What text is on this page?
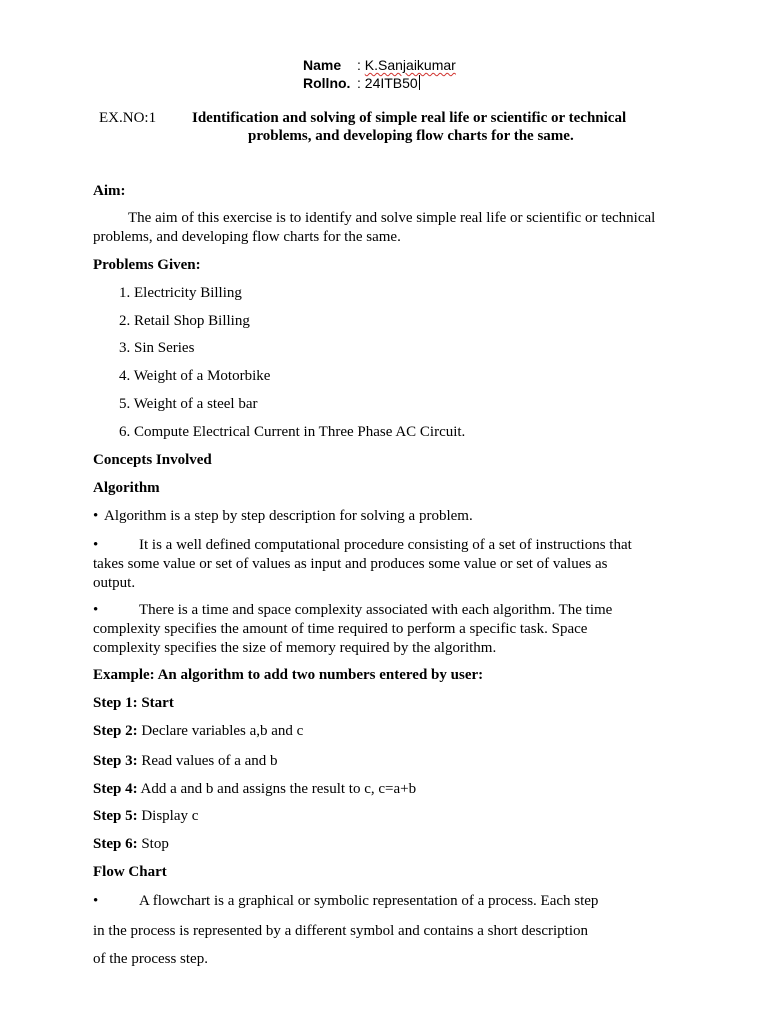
Name : K.Sanjaikumar
Rollno. : 24ITB50
EX.NO:1 Identification and solving of simple real life or scientific or technical
problems, and developing flow charts for the same.
Aim:
The aim of this exercise is to identify and solve simple real life or scientific or technical
problems, and developing flow charts for the same.
Problems Given:
1. Electricity Billing
2. Retail Shop Billing
3. Sin Series
4. Weight of a Motorbike
5. Weight of a steel bar
6. Compute Electrical Current in Three Phase AC Circuit.
Concepts Involved
Algorithm
• Algorithm is a step by step description for solving a problem.
•	It is a well defined computational procedure consisting of a set of instructions that
takes some value or set of values as input and produces some value or set of values as
output.
•	There is a time and space complexity associated with each algorithm. The time
complexity specifies the amount of time required to perform a specific task. Space
complexity specifies the size of memory required by the algorithm.
Example: An algorithm to add two numbers entered by user:
Step 1: Start
Step 2: Declare variables a,b and c
Step 3: Read values of a and b
Step 4: Add a and b and assigns the result to c, c=a+b
Step 5: Display c
Step 6: Stop
Flow Chart
•	A flowchart is a graphical or symbolic representation of a process. Each step
in the process is represented by a different symbol and contains a short description
of the process step.
